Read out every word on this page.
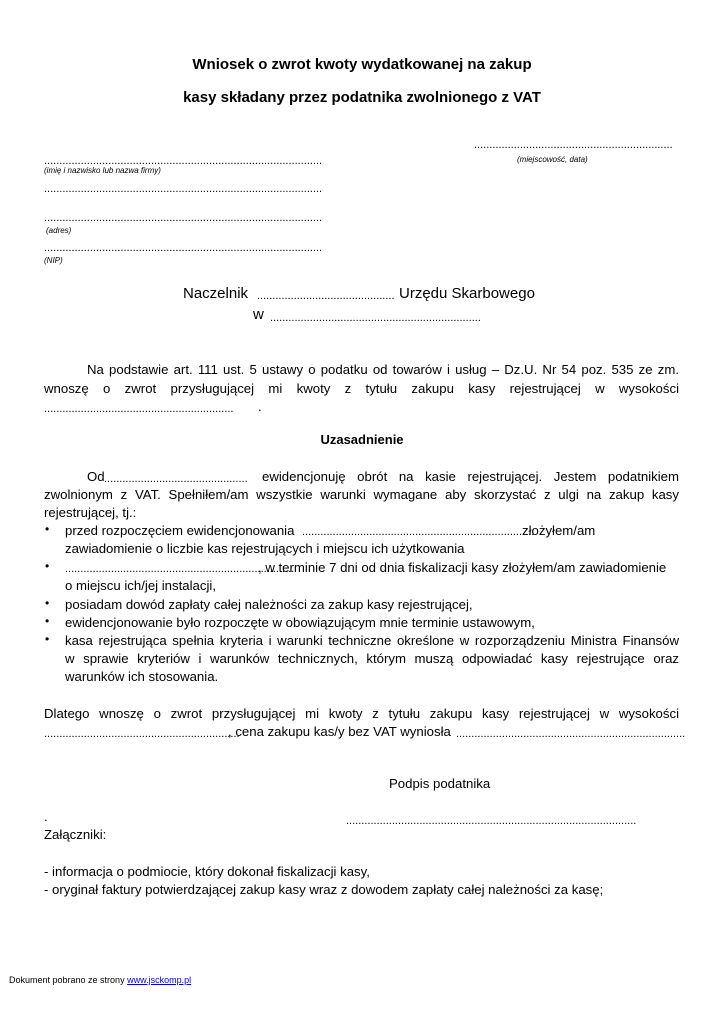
Wniosek o zwrot kwoty wydatkowanej na zakup
kasy składany przez podatnika zwolnionego z VAT
.................................................................
(miejscowość, data)
...........................................................................................
(imię i nazwisko lub nazwa firmy)
...........................................................................................
...........................................................................................
(adres)
...........................................................................................
(NIP)
Naczelnik ............................................. Urzędu Skarbowego
w .....................................................................
Na podstawie art. 111 ust. 5 ustawy o podatku od towarów i usług – Dz.U. Nr 54 poz. 535 ze zm.
wnoszę o zwrot przysługującej mi kwoty z tytułu zakupu kasy rejestrującej w wysokości
..............................................................	.
Uzasadnienie
Od ...............................................	ewidencjonuję obrót na kasie rejestrującej. Jestem podatnikiem
zwolnionym z VAT. Spełniłem/am wszystkie warunki wymagane aby skorzystać z ulgi na zakup kasy
rejestrującej, tj.:
• przed rozpoczęciem ewidencjonowania ............................................................................
złożyłem/am
zawiadomienie o liczbie kas rejestrujących i miejscu ich użytkowania
• ...........................................................................
, w terminie 7 dni od dnia fiskalizacji kasy złożyłem/am zawiadomienie
o miejscu ich/jej instalacji,
• posiadam dowód zapłaty całej należności za zakup kasy rejestrującej,
• ewidencjonowanie było rozpoczęte w obowiązującym mnie terminie ustawowym,
• kasa rejestrująca spełnia kryteria i warunki techniczne określone w rozporządzeniu Ministra Finansów
w sprawie kryteriów i warunków technicznych, którym muszą odpowiadać kasy rejestrujące oraz
warunków ich stosowania.
Dlatego wnoszę o zwrot przysługującej mi kwoty z tytułu zakupu kasy rejestrującej w wysokości
................................................................
, cena zakupu kas/y bez VAT wyniosła ...........................................................................
Podpis podatnika
.	...............................................................................................
Załączniki:
- informacja o podmiocie, który dokonał fiskalizacji kasy,
- oryginał faktury potwierdzającej zakup kasy wraz z dowodem zapłaty całej należności za kasę;
Dokument pobrano ze strony www.jsckomp.pl
